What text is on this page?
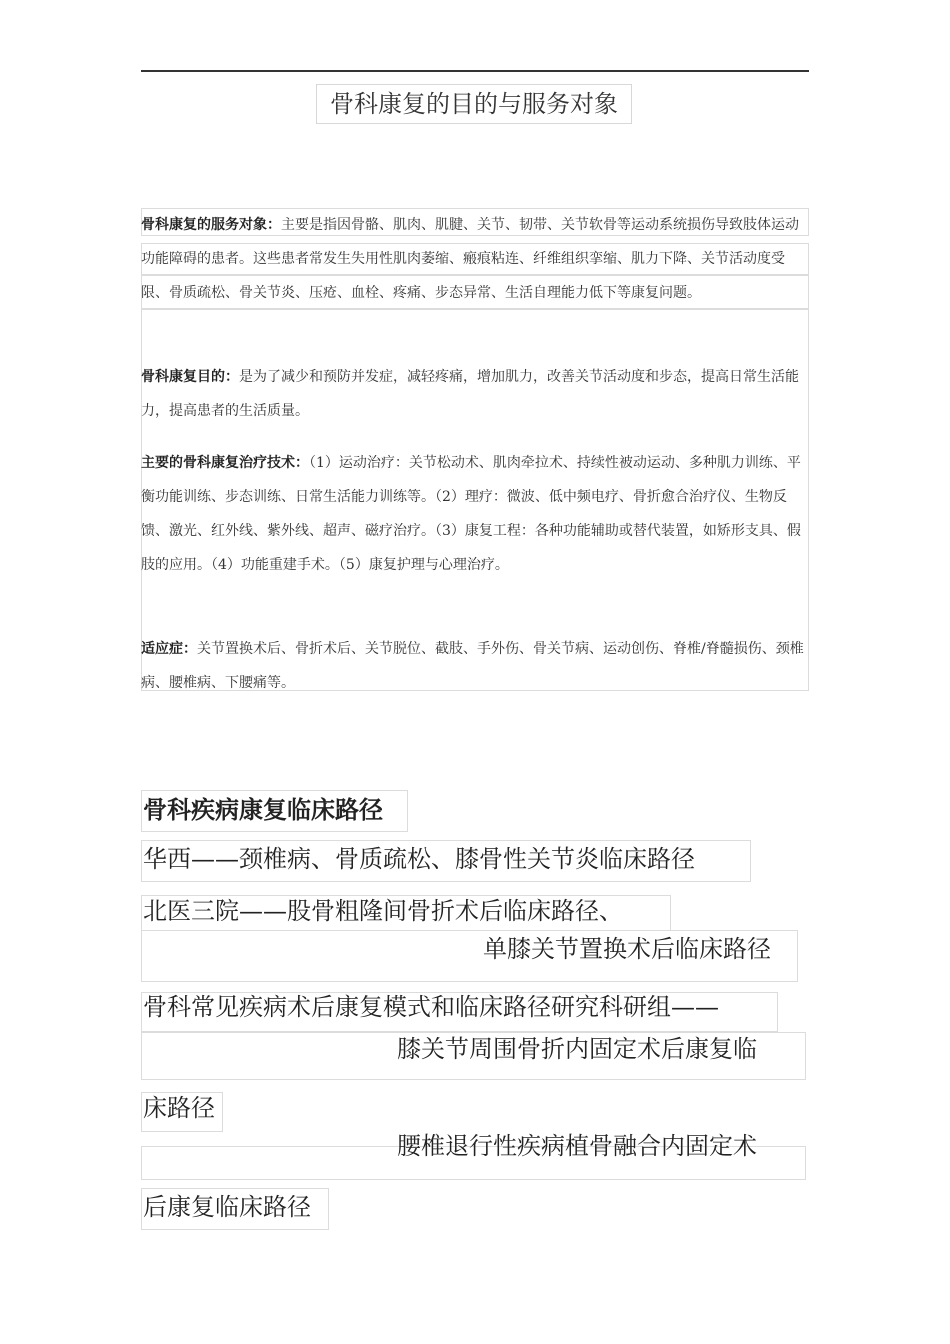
骨科康复的目的与服务对象

骨科康复的服务对象：主要是指因骨骼、肌肉、肌腱、关节、韧带、关节软骨等运动系统损伤导致肢体运动功能障碍的患者。这些患者常发生失用性肌肉萎缩、瘢痕粘连、纤维组织挛缩、肌力下降、关节活动度受限、骨质疏松、骨关节炎、压疮、血栓、疼痛、步态异常、生活自理能力低下等康复问题。

骨科康复目的：是为了减少和预防并发症，减轻疼痛，增加肌力，改善关节活动度和步态，提高日常生活能力，提高患者的生活质量。

主要的骨科康复治疗技术：（1）运动治疗：关节松动术、肌肉牵拉术、持续性被动运动、多种肌力训练、平衡功能训练、步态训练、日常生活能力训练等。（2）理疗：微波、低中频电疗、骨折愈合治疗仪、生物反馈、激光、红外线、紫外线、超声、磁疗治疗。（3）康复工程：各种功能辅助或替代装置，如矫形支具、假肢的应用。（4）功能重建手术。（5）康复护理与心理治疗。

适应症：关节置换术后、骨折术后、关节脱位、截肢、手外伤、骨关节病、运动创伤、脊椎/脊髓损伤、颈椎病、腰椎病、下腰痛等。

骨科疾病康复临床路径
华西——颈椎病、骨质疏松、膝骨性关节炎临床路径
北医三院——股骨粗隆间骨折术后临床路径、
单膝关节置换术后临床路径
骨科常见疾病术后康复模式和临床路径研究科研组——
膝关节周围骨折内固定术后康复临
床路径
腰椎退行性疾病植骨融合内固定术
后康复临床路径
